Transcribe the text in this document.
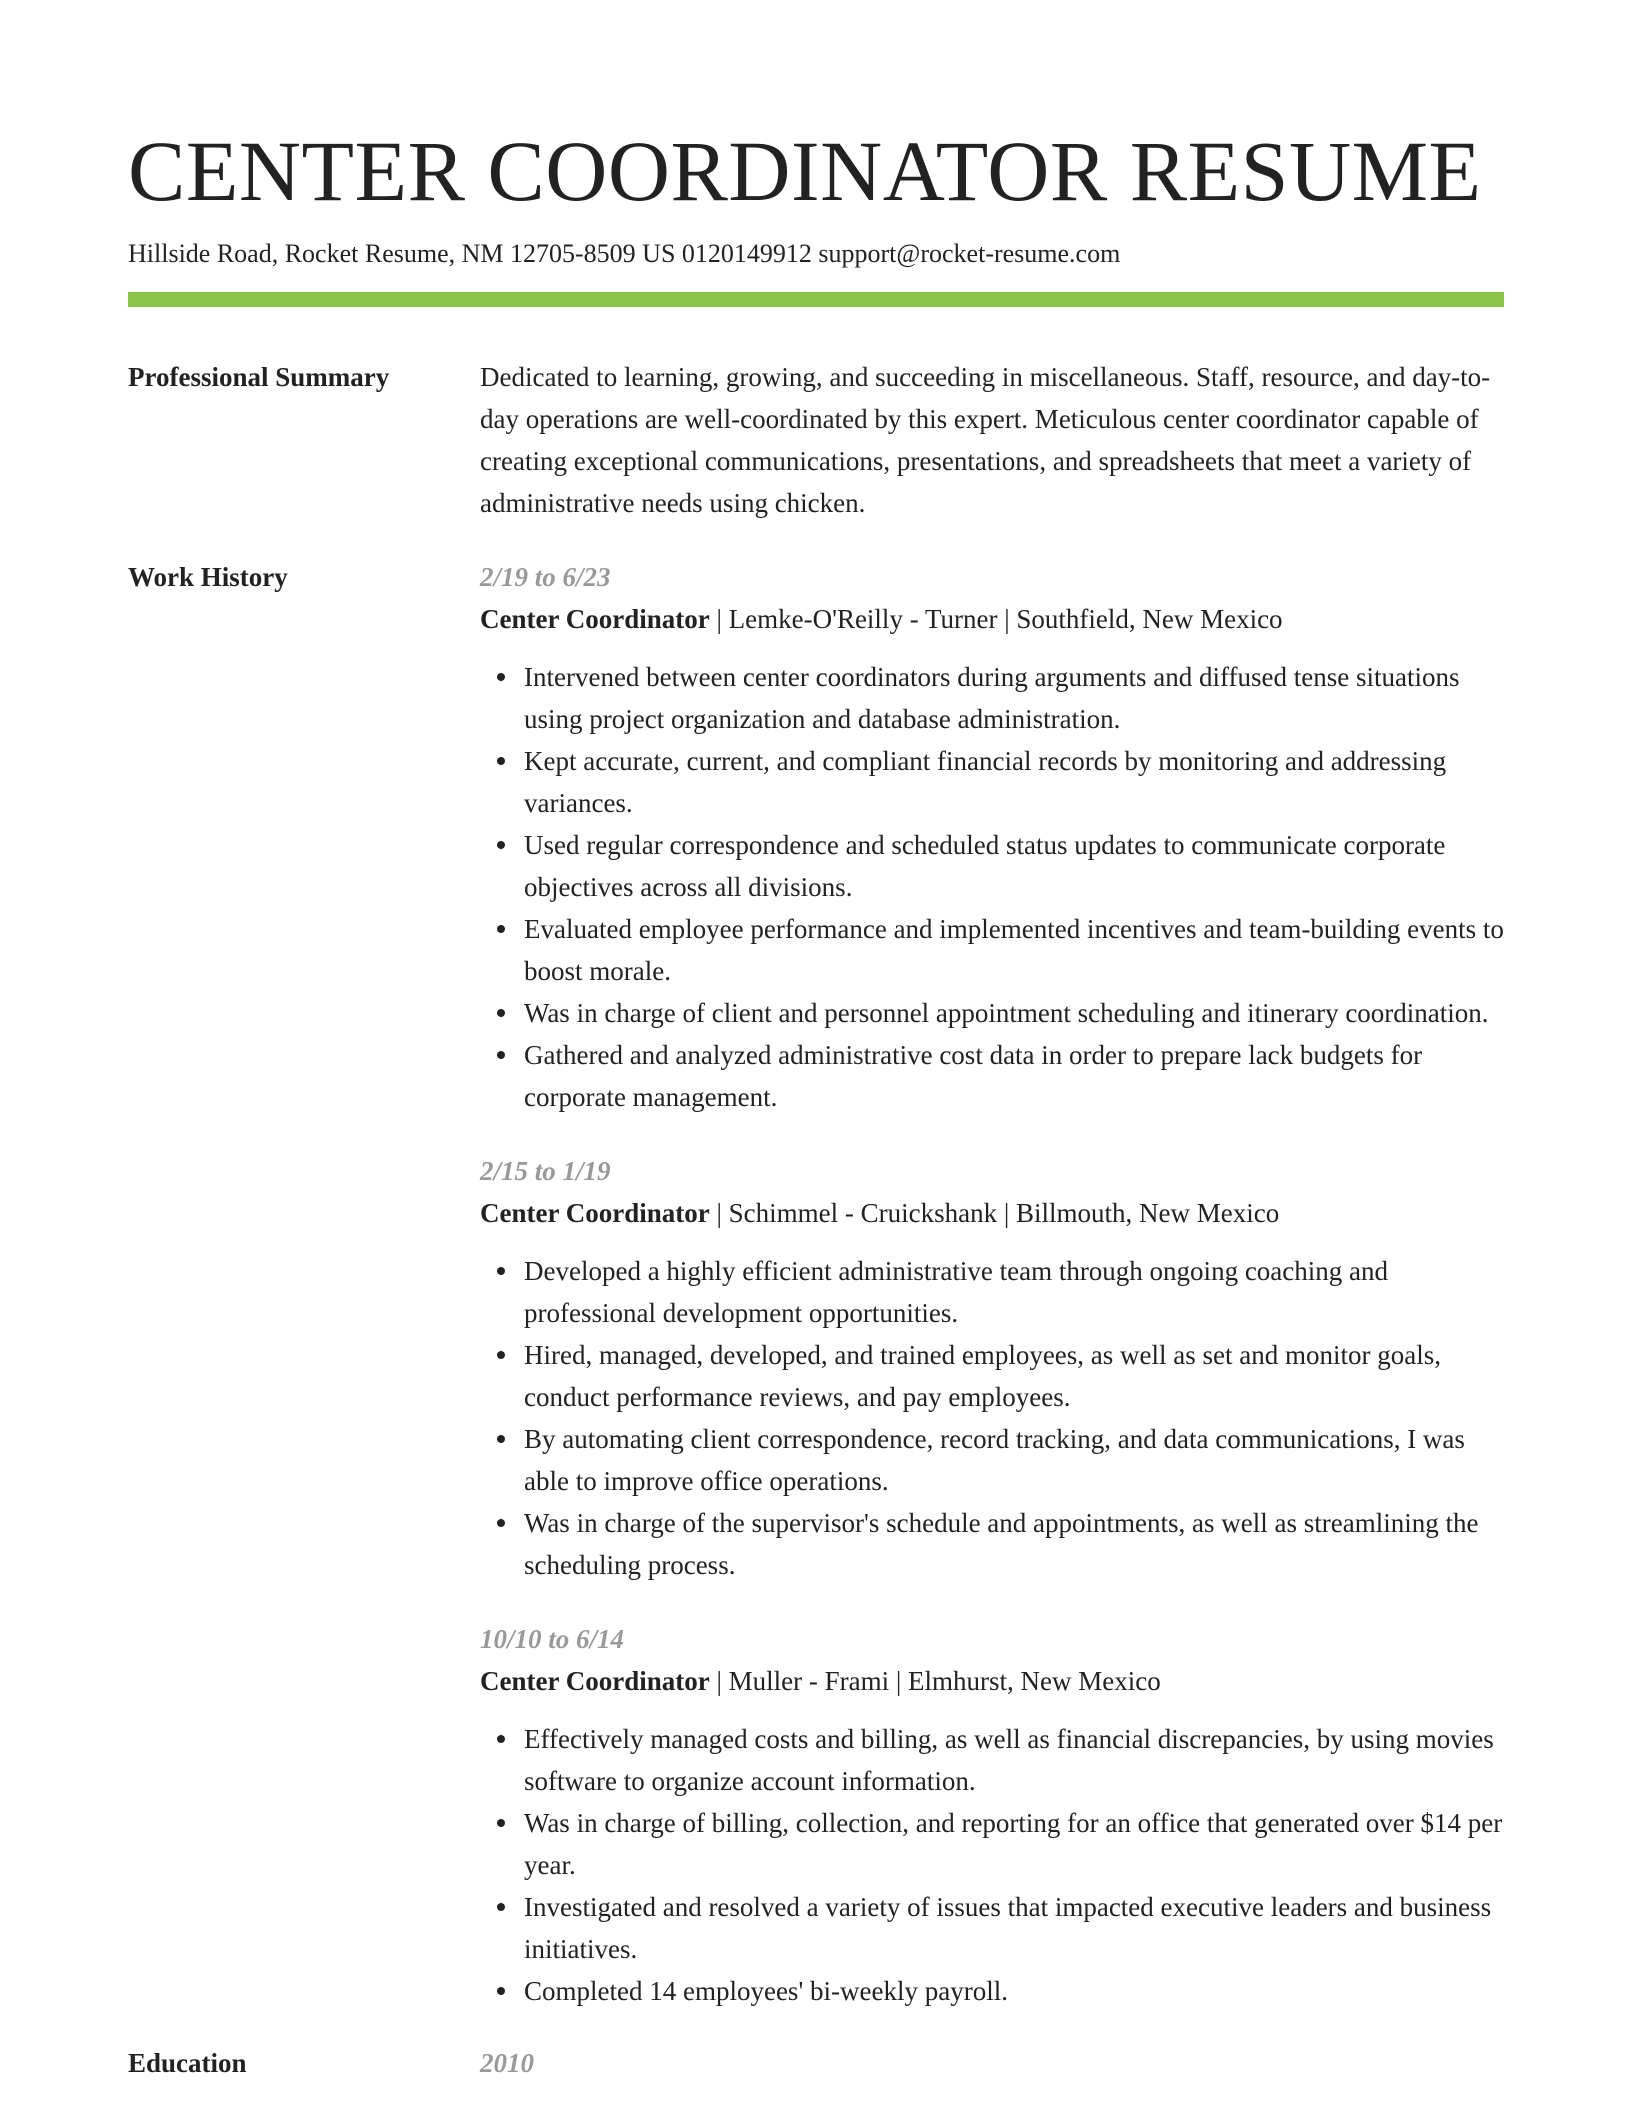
CENTER COORDINATOR RESUME
Hillside Road, Rocket Resume, NM 12705-8509 US 0120149912 support@rocket-resume.com
Professional Summary	Dedicated to learning, growing, and succeeding in miscellaneous. Staff, resource, and day-to-day operations are well-coordinated by this expert. Meticulous center coordinator capable of creating exceptional communications, presentations, and spreadsheets that meet a variety of administrative needs using chicken.

Work History	2/19 to 6/23
Center Coordinator | Lemke-O'Reilly - Turner | Southfield, New Mexico
Intervened between center coordinators during arguments and diffused tense situations using project organization and database administration.
Kept accurate, current, and compliant financial records by monitoring and addressing variances.
Used regular correspondence and scheduled status updates to communicate corporate objectives across all divisions.
Evaluated employee performance and implemented incentives and team-building events to boost morale.
Was in charge of client and personnel appointment scheduling and itinerary coordination.
Gathered and analyzed administrative cost data in order to prepare lack budgets for corporate management.
2/15 to 1/19
Center Coordinator | Schimmel - Cruickshank | Billmouth, New Mexico
Developed a highly efficient administrative team through ongoing coaching and professional development opportunities.
Hired, managed, developed, and trained employees, as well as set and monitor goals, conduct performance reviews, and pay employees.
By automating client correspondence, record tracking, and data communications, I was able to improve office operations.
Was in charge of the supervisor's schedule and appointments, as well as streamlining the scheduling process.
10/10 to 6/14
Center Coordinator | Muller - Frami | Elmhurst, New Mexico
Effectively managed costs and billing, as well as financial discrepancies, by using movies software to organize account information.
Was in charge of billing, collection, and reporting for an office that generated over $14 per year.
Investigated and resolved a variety of issues that impacted executive leaders and business initiatives.
Completed 14 employees' bi-weekly payroll.
Education	2010
